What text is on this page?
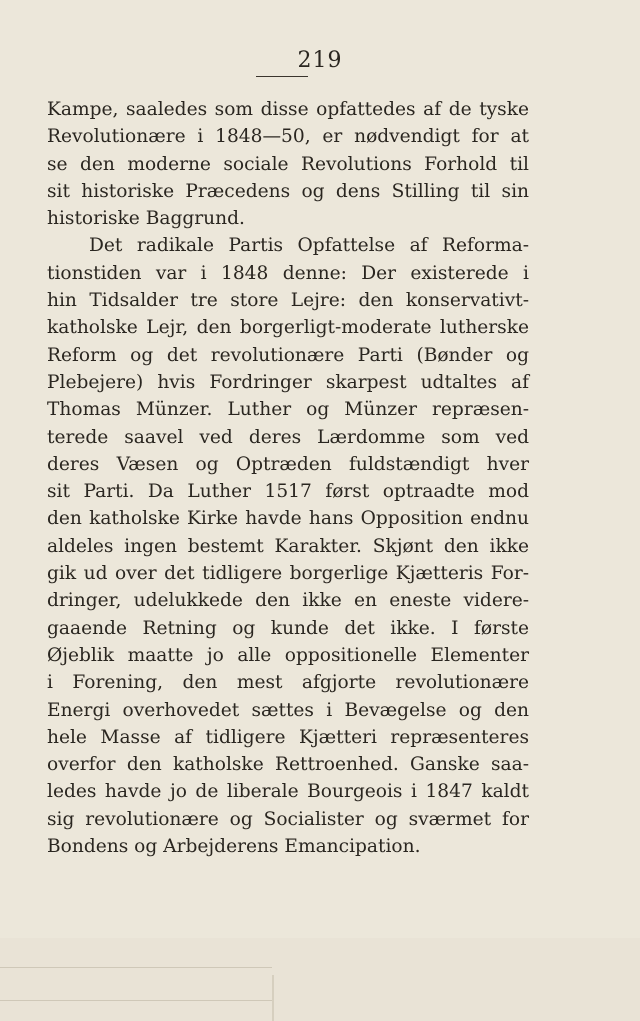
219
Kampe, saaledes som disse opfattedes af de tyske
Revolutionære i 1848—50, er nødvendigt for at
se den moderne sociale Revolutions Forhold til
sit historiske Præcedens og dens Stilling til sin
historiske Baggrund.
Det radikale Partis Opfattelse af Reforma-
tionstiden var i 1848 denne: Der existerede i
hin Tidsalder tre store Lejre: den konservativt-
katholske Lejr, den borgerligt-moderate lutherske
Reform og det revolutionære Parti (Bønder og
Plebejere) hvis Fordringer skarpest udtaltes af
Thomas Münzer. Luther og Münzer repræsen-
terede saavel ved deres Lærdomme som ved
deres Væsen og Optræden fuldstændigt hver
sit Parti. Da Luther 1517 først optraadte mod
den katholske Kirke havde hans Opposition endnu
aldeles ingen bestemt Karakter. Skjønt den ikke
gik ud over det tidligere borgerlige Kjætteris For-
dringer, udelukkede den ikke en eneste videre-
gaaende Retning og kunde det ikke. I første
Øjeblik maatte jo alle oppositionelle Elementer
i Forening, den mest afgjorte revolutionære
Energi overhovedet sættes i Bevægelse og den
hele Masse af tidligere Kjætteri repræsenteres
overfor den katholske Rettroenhed. Ganske saa-
ledes havde jo de liberale Bourgeois i 1847 kaldt
sig revolutionære og Socialister og sværmet for
Bondens og Arbejderens Emancipation.
